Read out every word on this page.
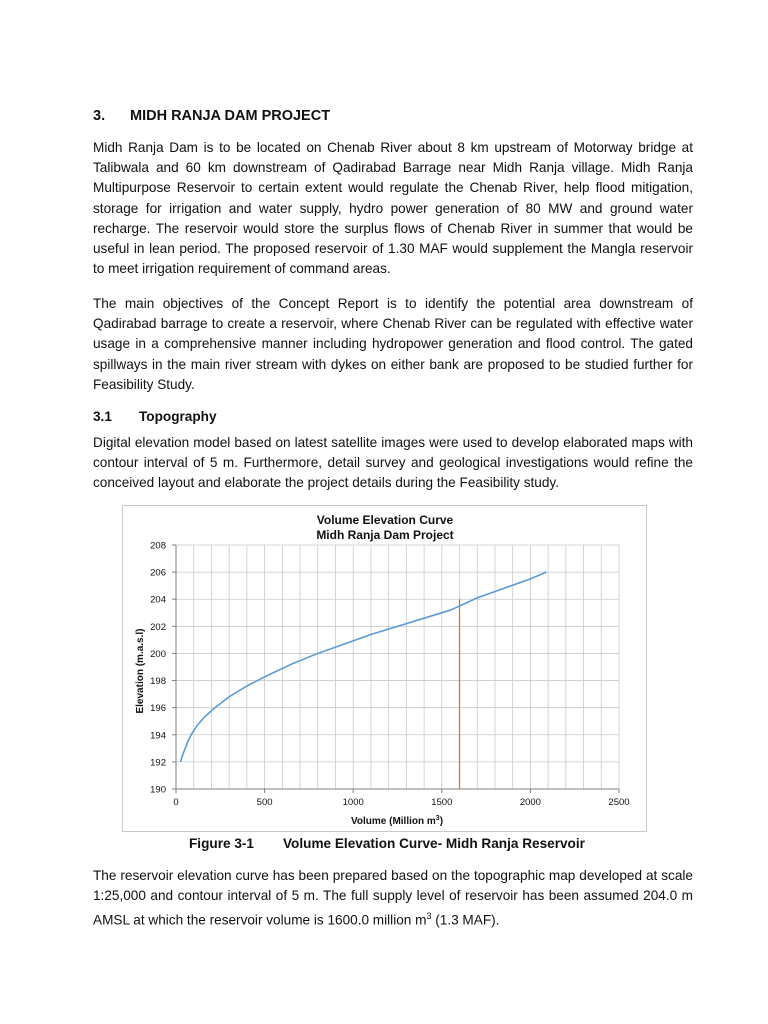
3. MIDH RANJA DAM PROJECT

Midh Ranja Dam is to be located on Chenab River about 8 km upstream of Motorway bridge at Talibwala and 60 km downstream of Qadirabad Barrage near Midh Ranja village. Midh Ranja Multipurpose Reservoir to certain extent would regulate the Chenab River, help flood mitigation, storage for irrigation and water supply, hydro power generation of 80 MW and ground water recharge. The reservoir would store the surplus flows of Chenab River in summer that would be useful in lean period. The proposed reservoir of 1.30 MAF would supplement the Mangla reservoir to meet irrigation requirement of command areas.

The main objectives of the Concept Report is to identify the potential area downstream of Qadirabad barrage to create a reservoir, where Chenab River can be regulated with effective water usage in a comprehensive manner including hydropower generation and flood control. The gated spillways in the main river stream with dykes on either bank are proposed to be studied further for Feasibility Study.

3.1 Topography

Digital elevation model based on latest satellite images were used to develop elaborated maps with contour interval of 5 m. Furthermore, detail survey and geological investigations would refine the conceived layout and elaborate the project details during the Feasibility study.

190
192
194
196
198
200
202
204
206
208
0	500	1000	1500	2000	2500
Volume Elevation Curve
Midh Ranja Dam Project
Volume (Million $m^3$)
Elevation (m.a.s.l)

Figure 3-1 Volume Elevation Curve- Midh Ranja Reservoir

The reservoir elevation curve has been prepared based on the topographic map developed at scale 1:25,000 and contour interval of 5 m. The full supply level of reservoir has been assumed 204.0 m AMSL at which the reservoir volume is 1600.0 million $m^3$ (1.3 MAF).
